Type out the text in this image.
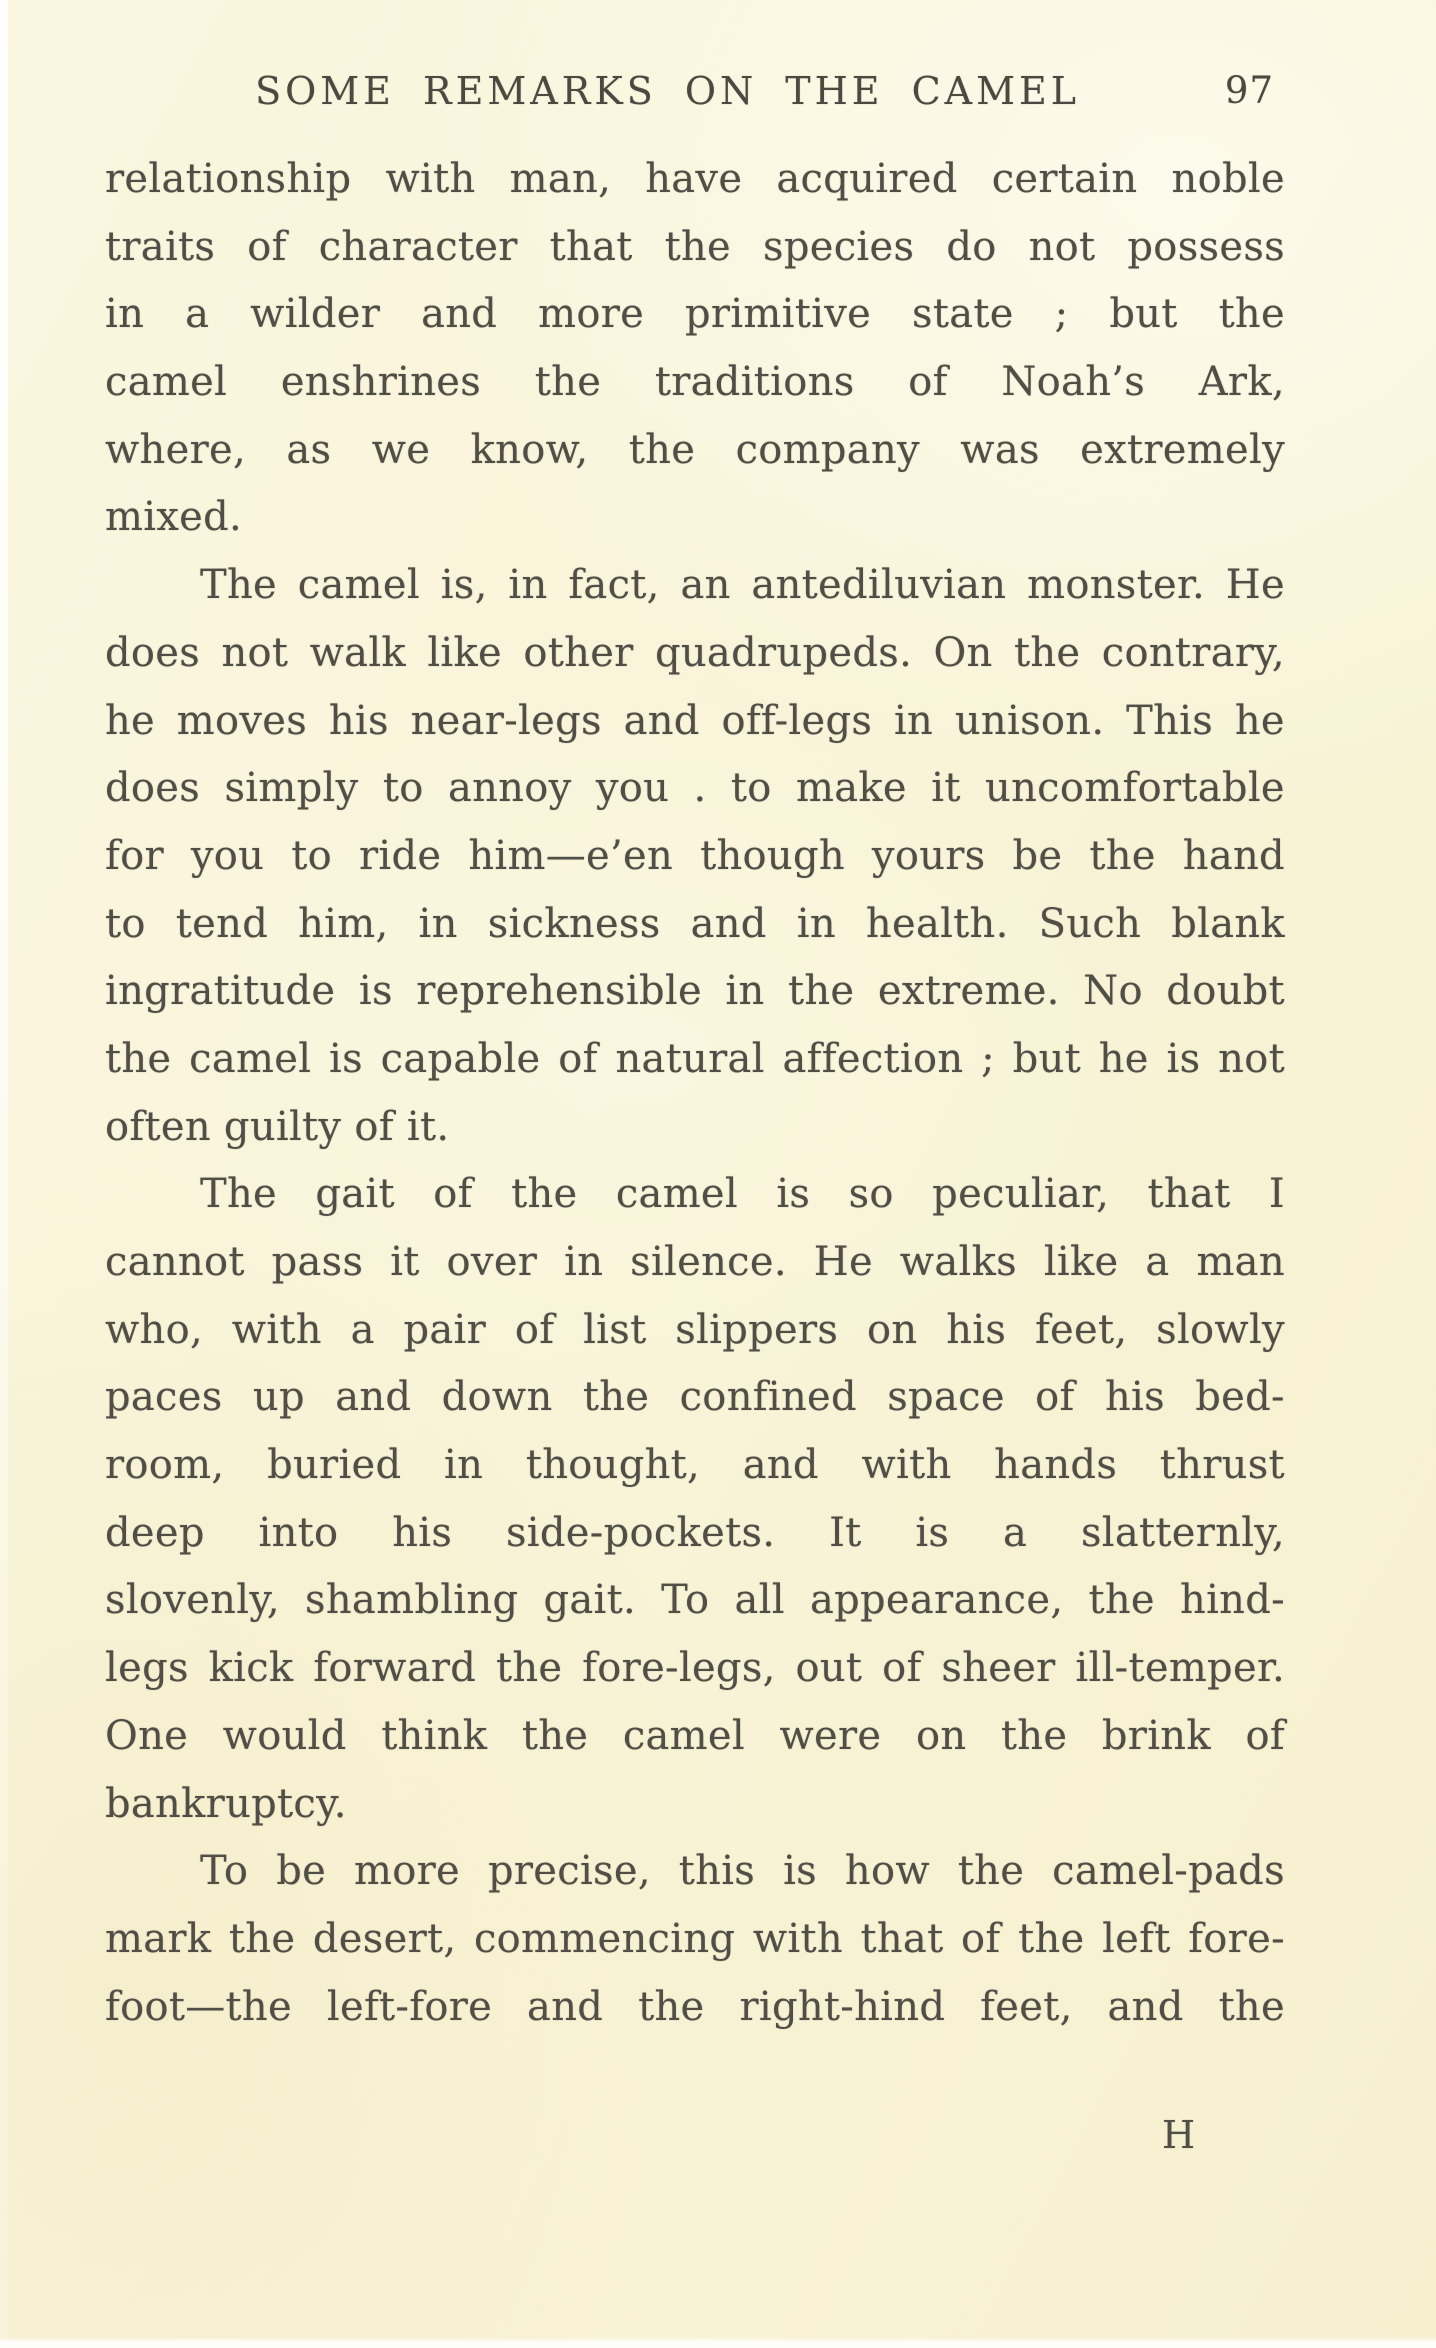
SOME REMARKS ON THE CAMEL	97
relationship with man, have acquired certain noble
traits of character that the species do not possess
in a wilder and more primitive state ; but the
camel enshrines the traditions of Noah’s Ark,
where, as we know, the company was extremely
mixed.
The camel is, in fact, an antediluvian monster. He
does not walk like other quadrupeds. On the contrary,
he moves his near-legs and off-legs in unison. This he
does simply to annoy you . to make it uncomfortable
for you to ride him—e’en though yours be the hand
to tend him, in sickness and in health. Such blank
ingratitude is reprehensible in the extreme. No doubt
the camel is capable of natural affection ; but he is not
often guilty of it.
The gait of the camel is so peculiar, that I
cannot pass it over in silence. He walks like a man
who, with a pair of list slippers on his feet, slowly
paces up and down the confined space of his bed-
room, buried in thought, and with hands thrust
deep into his side-pockets. It is a slatternly,
slovenly, shambling gait. To all appearance, the hind-
legs kick forward the fore-legs, out of sheer ill-temper.
One would think the camel were on the brink of
bankruptcy.
To be more precise, this is how the camel-pads
mark the desert, commencing with that of the left fore-
foot—the left-fore and the right-hind feet, and the
H
